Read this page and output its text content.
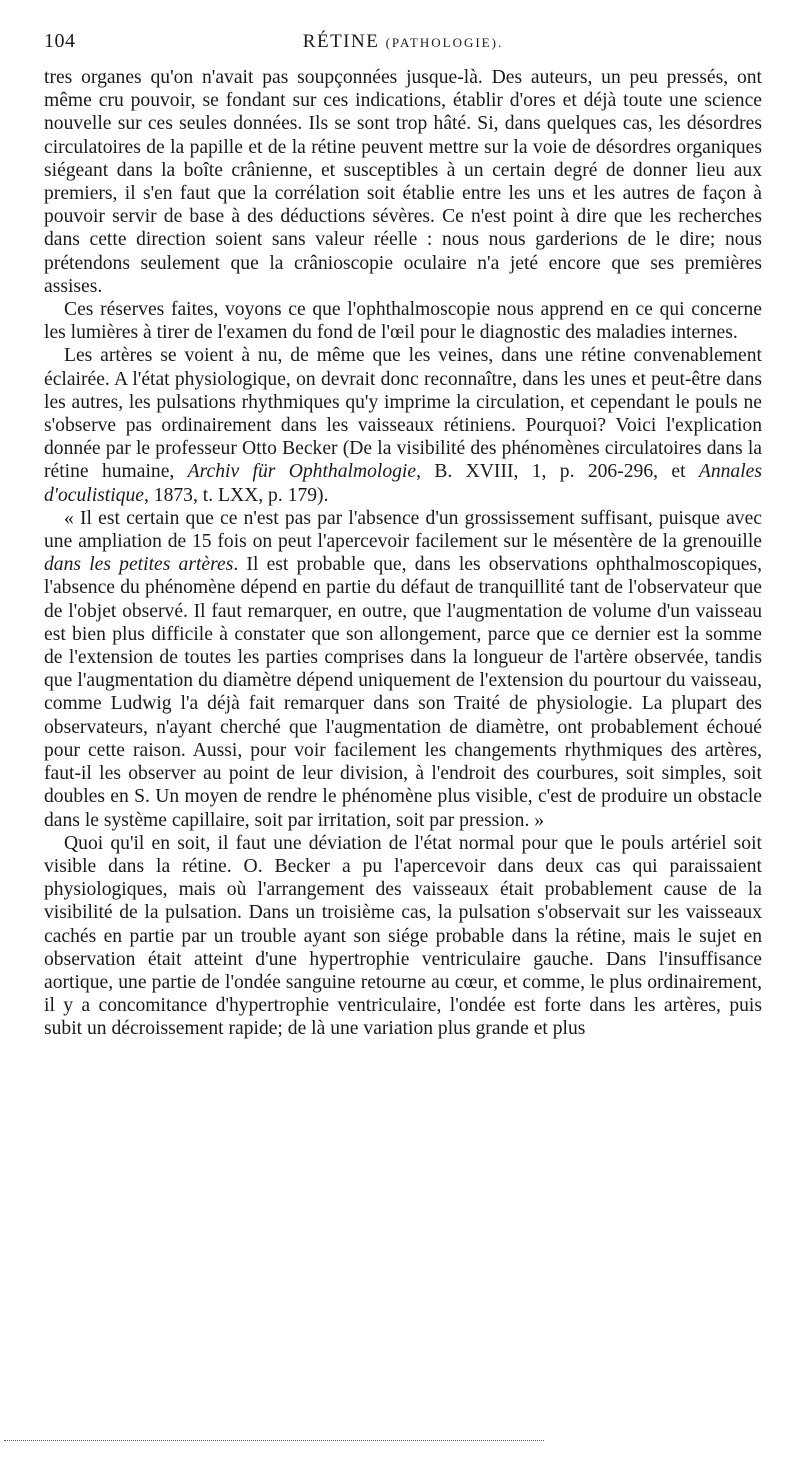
104	RÉTINE (PATHOLOGIE).

tres organes qu'on n'avait pas soupçonnées jusque-là. Des auteurs, un peu pressés, ont même cru pouvoir, se fondant sur ces indications, établir d'ores et déjà toute une science nouvelle sur ces seules données. Ils se sont trop hâté. Si, dans quelques cas, les désordres circulatoires de la papille et de la rétine peuvent mettre sur la voie de désordres organiques siégeant dans la boîte crânienne, et susceptibles à un certain degré de donner lieu aux premiers, il s'en faut que la corrélation soit établie entre les uns et les autres de façon à pouvoir servir de base à des déductions sévères. Ce n'est point à dire que les recherches dans cette direction soient sans valeur réelle : nous nous garderions de le dire; nous prétendons seulement que la crânioscopie oculaire n'a jeté encore que ses premières assises.

Ces réserves faites, voyons ce que l'ophthalmoscopie nous apprend en ce qui concerne les lumières à tirer de l'examen du fond de l'œil pour le diagnostic des maladies internes.

Les artères se voient à nu, de même que les veines, dans une rétine convenablement éclairée. A l'état physiologique, on devrait donc reconnaître, dans les unes et peut-être dans les autres, les pulsations rhythmiques qu'y imprime la circulation, et cependant le pouls ne s'observe pas ordinairement dans les vaisseaux rétiniens. Pourquoi? Voici l'explication donnée par le professeur Otto Becker (De la visibilité des phénomènes circulatoires dans la rétine humaine, Archiv für Ophthalmologie, B. XVIII, 1, p. 206-296, et Annales d'oculistique, 1873, t. LXX, p. 179).

« Il est certain que ce n'est pas par l'absence d'un grossissement suffisant, puisque avec une ampliation de 15 fois on peut l'apercevoir facilement sur le mésentère de la grenouille dans les petites artères. Il est probable que, dans les observations ophthalmoscopiques, l'absence du phénomène dépend en partie du défaut de tranquillité tant de l'observateur que de l'objet observé. Il faut remarquer, en outre, que l'augmentation de volume d'un vaisseau est bien plus difficile à constater que son allongement, parce que ce dernier est la somme de l'extension de toutes les parties comprises dans la longueur de l'artère observée, tandis que l'augmentation du diamètre dépend uniquement de l'extension du pourtour du vaisseau, comme Ludwig l'a déjà fait remarquer dans son Traité de physiologie. La plupart des observateurs, n'ayant cherché que l'augmentation de diamètre, ont probablement échoué pour cette raison. Aussi, pour voir facilement les changements rhythmiques des artères, faut-il les observer au point de leur division, à l'endroit des courbures, soit simples, soit doubles en S. Un moyen de rendre le phénomène plus visible, c'est de produire un obstacle dans le système capillaire, soit par irritation, soit par pression. »

Quoi qu'il en soit, il faut une déviation de l'état normal pour que le pouls artériel soit visible dans la rétine. O. Becker a pu l'apercevoir dans deux cas qui paraissaient physiologiques, mais où l'arrangement des vaisseaux était probablement cause de la visibilité de la pulsation. Dans un troisième cas, la pulsation s'observait sur les vaisseaux cachés en partie par un trouble ayant son siége probable dans la rétine, mais le sujet en observation était atteint d'une hypertrophie ventriculaire gauche. Dans l'insuffisance aortique, une partie de l'ondée sanguine retourne au cœur, et comme, le plus ordinairement, il y a concomitance d'hypertrophie ventriculaire, l'ondée est forte dans les artères, puis subit un décroissement rapide; de là une variation plus grande et plus
